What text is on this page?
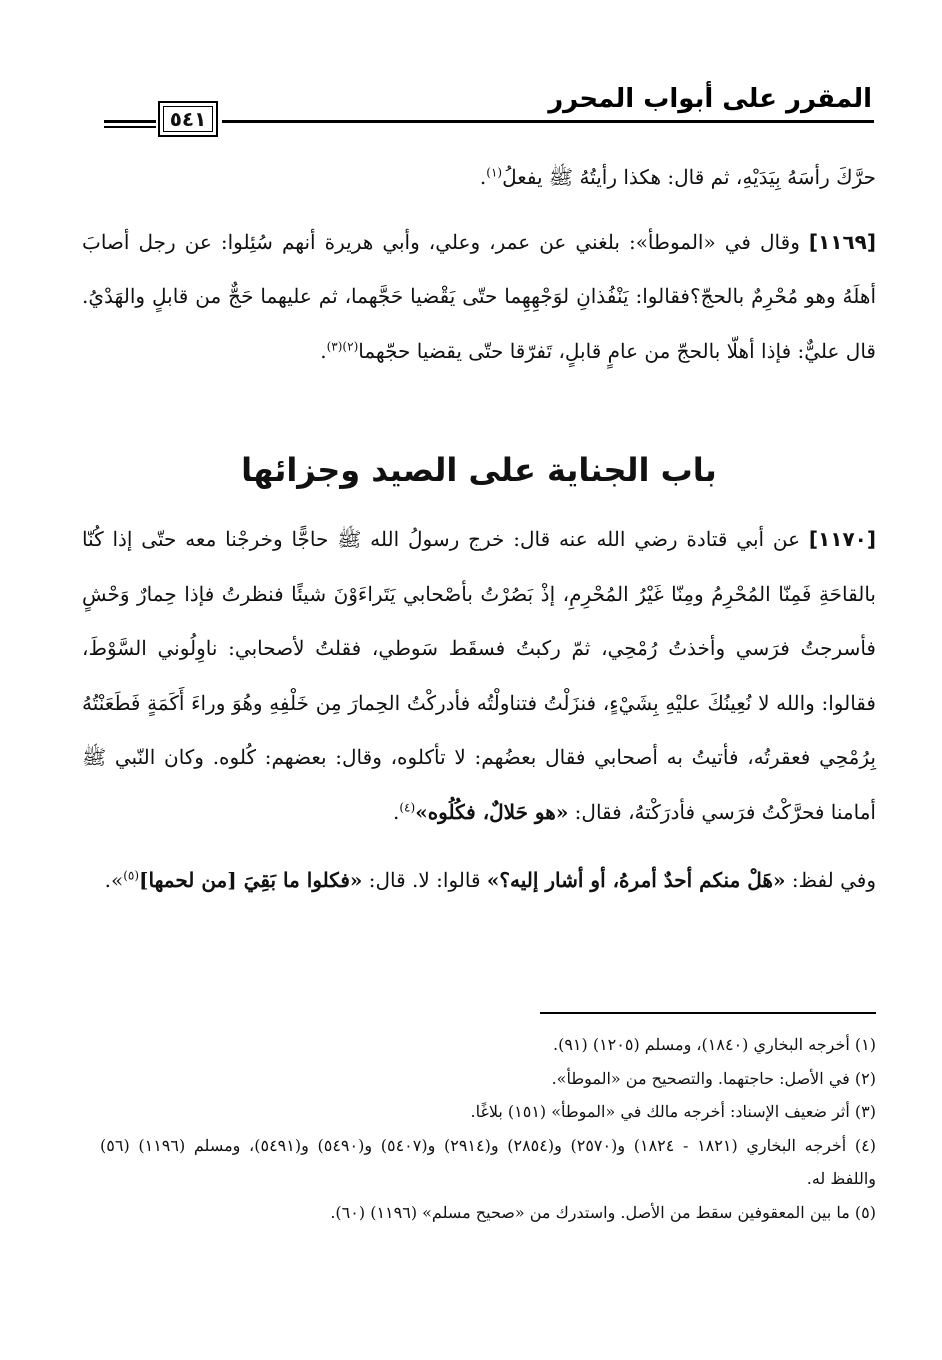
المقرر على أبواب المحرر
٥٤١

حرَّكَ رأسَهُ بِيَدَيْهِ، ثم قال: هكذا رأيتُهُ ﷺ يفعلُ$^{(١)}$.

[١١٦٩] وقال في «الموطأ»: بلغني عن عمر، وعلي، وأبي هريرة أنهم سُئِلوا: عن رجل أصابَ أهلَهُ وهو مُحْرِمٌ بالحجّ؟فقالوا: يَنْفُذانِ لوَجْهِهِما حتّى يَقْضيا حَجَّهما، ثم عليهما حَجٌّ من قابلٍ والهَدْيُ. قال عليٌّ: فإذا أهلّا بالحجّ من عامٍ قابلٍ، تَفرّقا حتّى يقضيا حجّهما$^{(٢)(٣)}$.

باب الجناية على الصيد وجزائها

[١١٧٠] عن أبي قتادة رضي الله عنه قال: خرج رسولُ الله ﷺ حاجًّا وخرجْنا معه حتّى إذا كُنّا بالقاحَةِ فَمِنّا المُحْرِمُ ومِنّا غَيْرُ المُحْرِمِ، إذْ بَصُرْتُ بأصْحابي يَتَراءَوْنَ شيئًا فنظرتُ فإذا حِمارٌ وَحْشٍ فأسرجتُ فرَسي وأخذتُ رُمْحِي، ثمّ ركبتُ فسقَط سَوطي، فقلتُ لأصحابي: ناوِلُوني السَّوْطَ، فقالوا: والله لا نُعِينُكَ عليْهِ بِشَيْءٍ، فنزَلْتُ فتناولْتُه فأدركْتُ الحِمارَ مِن خَلْفِهِ وهُوَ وراءَ أَكَمَةٍ فَطَعَنْتُهُ بِرُمْحِي فعقرتُه، فأتيتُ به أصحابي فقال بعضُهم: لا تأكلوه، وقال: بعضهم: كُلوه. وكان النّبي ﷺ أمامنا فحرَّكْتُ فرَسي فأدرَكْتهُ، فقال: «هو حَلالٌ، فكُلُوه»$^{(٤)}$.

وفي لفظ: «هَلْ منكم أحدٌ أمرهُ، أو أشار إليه؟» قالوا: لا. قال: «فكلوا ما بَقِيَ [من لحمها]$^{(٥)}$».

(١) أخرجه البخاري (١٨٤٠)، ومسلم (١٢٠٥) (٩١).

(٢) في الأصل: حاجتهما. والتصحيح من «الموطأ».

(٣) أثر ضعيف الإسناد: أخرجه مالك في «الموطأ» (١٥١) بلاغًا.

(٤) أخرجه البخاري (١٨٢١ - ١٨٢٤) و(٢٥٧٠) و(٢٨٥٤) و(٢٩١٤) و(٥٤٠٧) و(٥٤٩٠) و(٥٤٩١)، ومسلم (١١٩٦) (٥٦) واللفظ له.

(٥) ما بين المعقوفين سقط من الأصل. واستدرك من «صحيح مسلم» (١١٩٦) (٦٠).
